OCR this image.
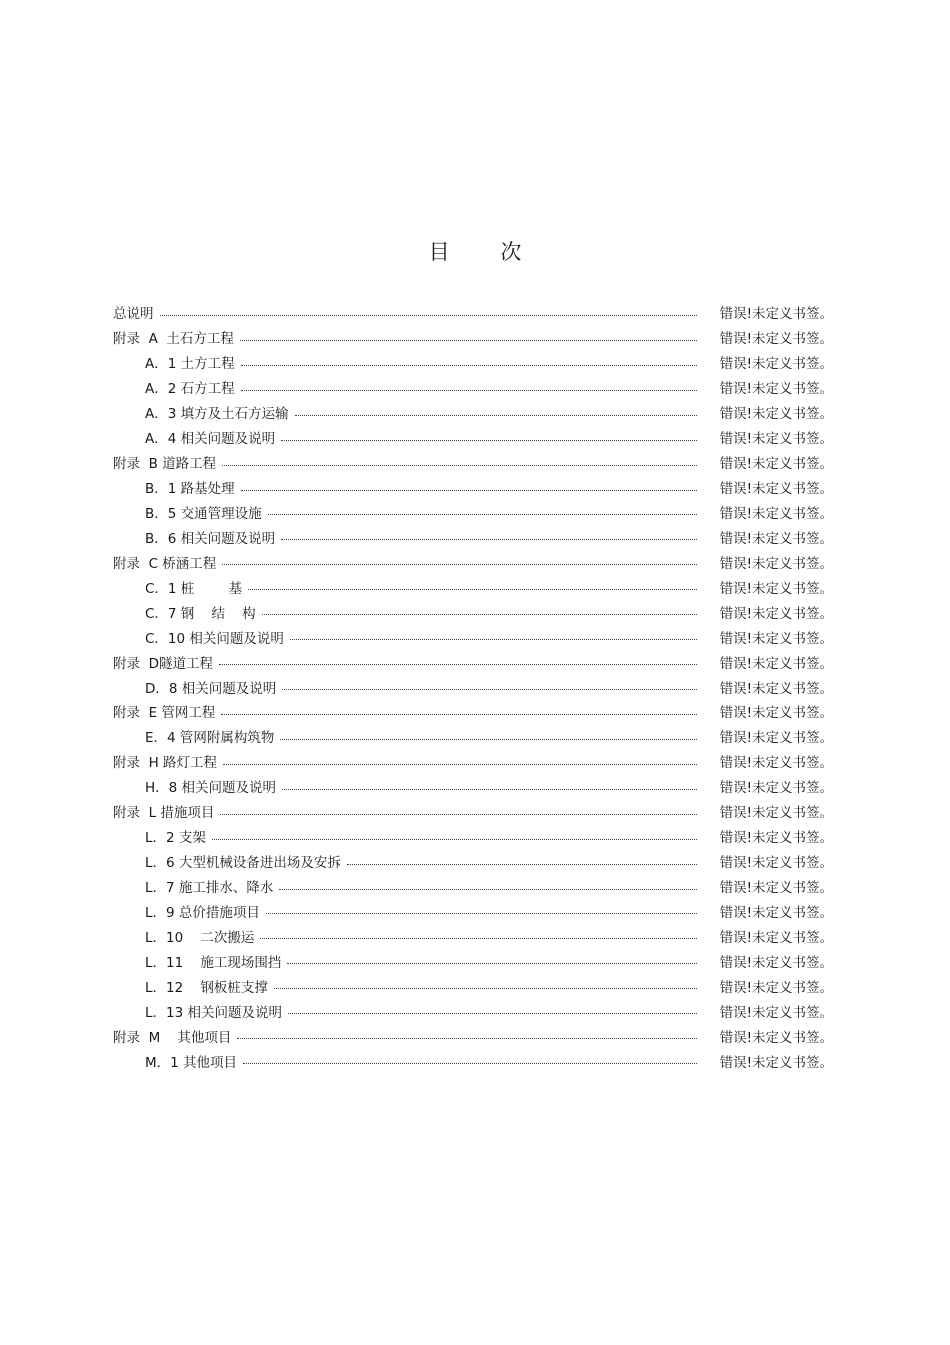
目 次
总说明	错误!未定义书签。
附录  A  土石方工程	错误!未定义书签。
A．1 土方工程	错误!未定义书签。
A．2 石方工程	错误!未定义书签。
A．3 填方及土石方运输	错误!未定义书签。
A．4 相关问题及说明	错误!未定义书签。
附录  B 道路工程	错误!未定义书签。
B．1 路基处理	错误!未定义书签。
B．5 交通管理设施	错误!未定义书签。
B．6 相关问题及说明	错误!未定义书签。
附录  C 桥涵工程	错误!未定义书签。
C．1 桩        基	错误!未定义书签。
C．7 钢    结    构	错误!未定义书签。
C．10 相关问题及说明	错误!未定义书签。
附录  D隧道工程	错误!未定义书签。
D．8 相关问题及说明	错误!未定义书签。
附录  E 管网工程	错误!未定义书签。
E．4 管网附属构筑物	错误!未定义书签。
附录  H 路灯工程	错误!未定义书签。
H．8 相关问题及说明	错误!未定义书签。
附录  L 措施项目	错误!未定义书签。
L．2 支架	错误!未定义书签。
L．6 大型机械设备进出场及安拆	错误!未定义书签。
L．7 施工排水、降水	错误!未定义书签。
L．9 总价措施项目	错误!未定义书签。
L．10    二次搬运	错误!未定义书签。
L．11    施工现场围挡	错误!未定义书签。
L．12    钢板桩支撑	错误!未定义书签。
L．13 相关问题及说明	错误!未定义书签。
附录  M    其他项目	错误!未定义书签。
M．1 其他项目	错误!未定义书签。
